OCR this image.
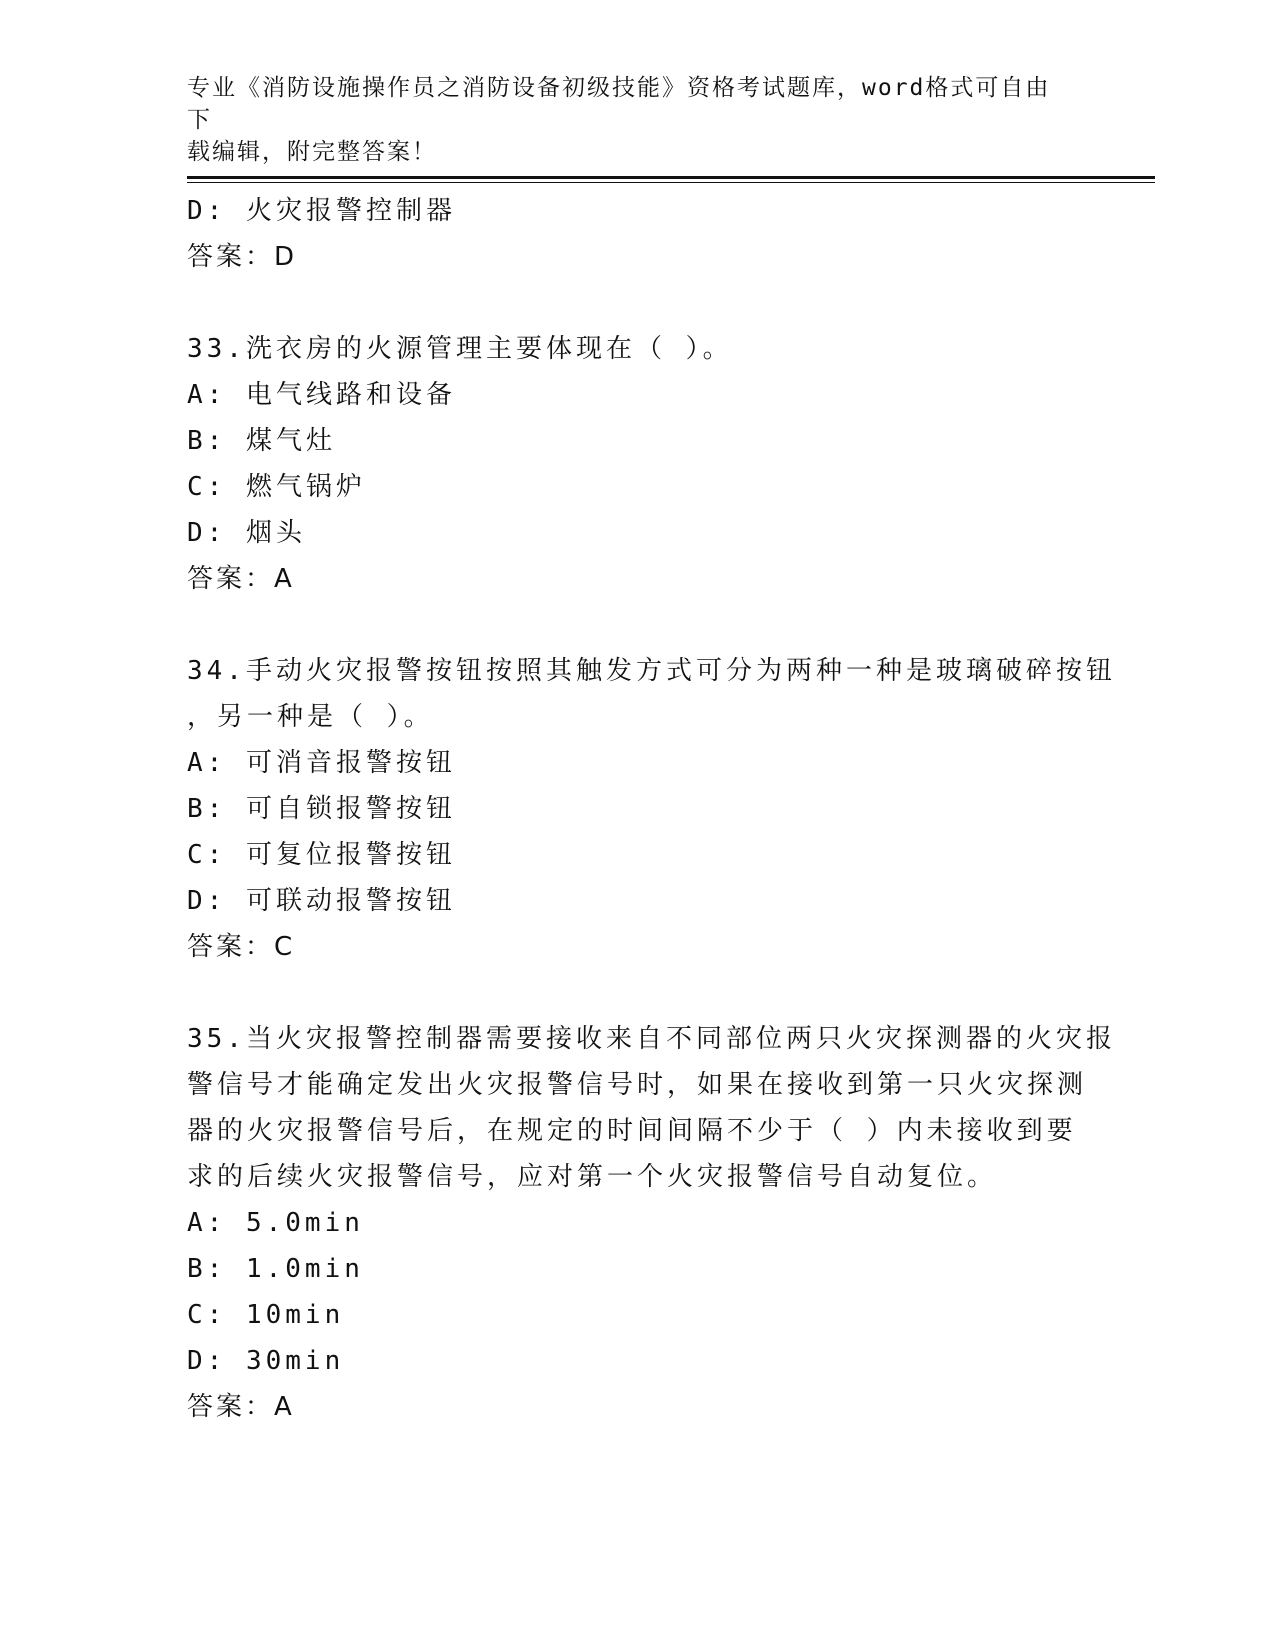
专业《消防设施操作员之消防设备初级技能》资格考试题库，word格式可自由下
载编辑，附完整答案！
D: 火灾报警控制器
答案：D
33.洗衣房的火源管理主要体现在（ ）。
A: 电气线路和设备
B: 煤气灶
C: 燃气锅炉
D: 烟头
答案：A
34.手动火灾报警按钮按照其触发方式可分为两种一种是玻璃破碎按钮
，另一种是（ ）。
A: 可消音报警按钮
B: 可自锁报警按钮
C: 可复位报警按钮
D: 可联动报警按钮
答案：C
35.当火灾报警控制器需要接收来自不同部位两只火灾探测器的火灾报
警信号才能确定发出火灾报警信号时，如果在接收到第一只火灾探测
器的火灾报警信号后，在规定的时间间隔不少于（ ）内未接收到要
求的后续火灾报警信号，应对第一个火灾报警信号自动复位。
A: 5.0min
B: 1.0min
C: 10min
D: 30min
答案：A
